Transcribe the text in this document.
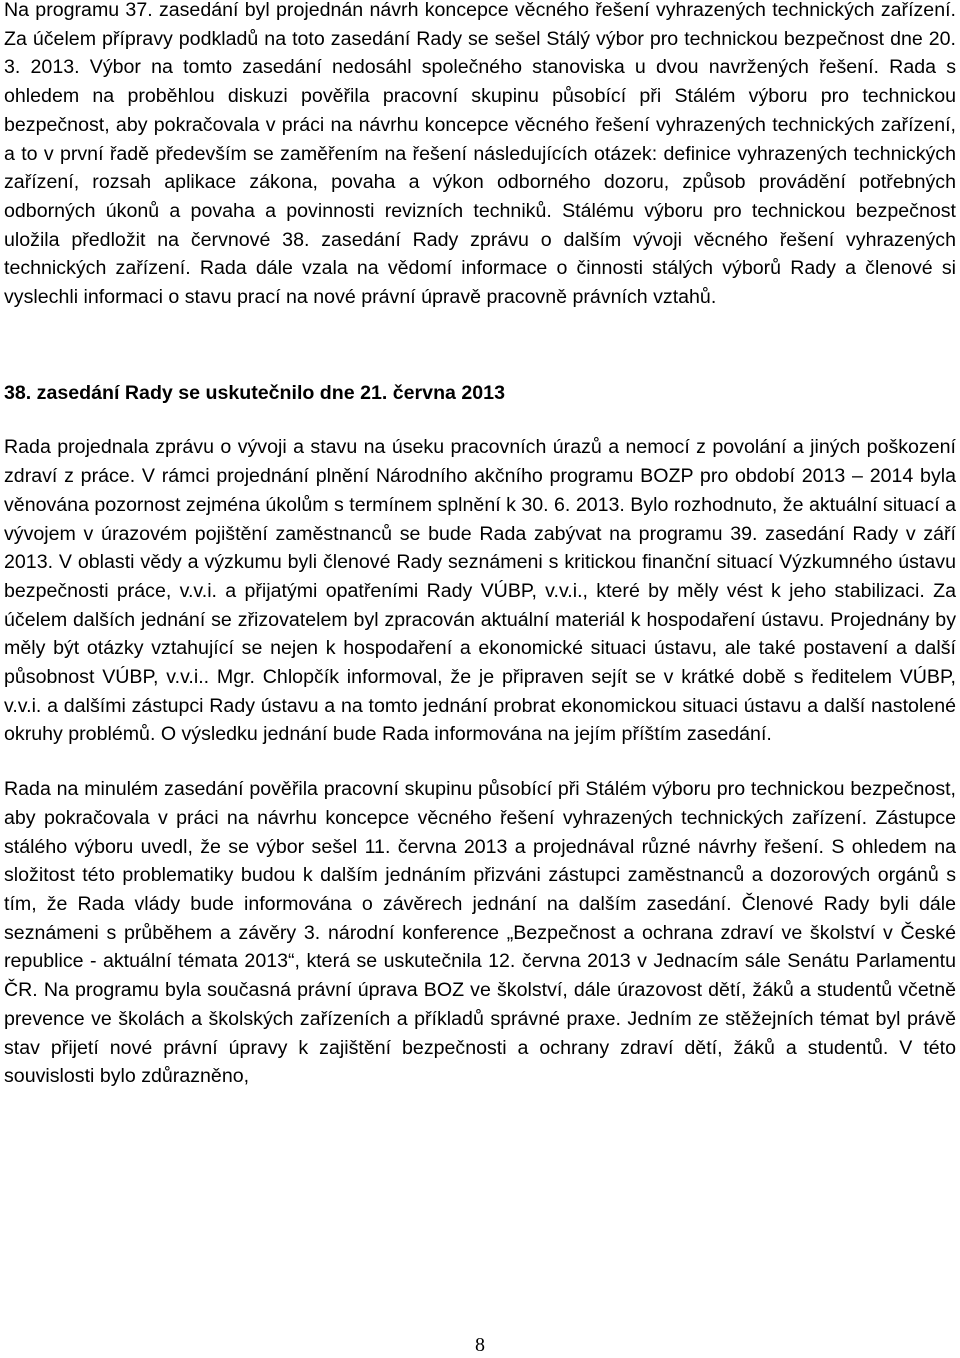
Na programu 37. zasedání byl projednán návrh koncepce věcného řešení vyhrazených technických zařízení. Za účelem přípravy podkladů na toto zasedání Rady se sešel Stálý výbor pro technickou bezpečnost dne 20. 3. 2013. Výbor na tomto zasedání nedosáhl společného stanoviska u dvou navržených řešení. Rada s ohledem na proběhlou diskuzi pověřila pracovní skupinu působící při Stálém výboru pro technickou bezpečnost, aby pokračovala v práci na návrhu koncepce věcného řešení vyhrazených technických zařízení, a to v první řadě především se zaměřením na řešení následujících otázek: definice vyhrazených technických zařízení, rozsah aplikace zákona, povaha a výkon odborného dozoru, způsob provádění potřebných odborných úkonů a povaha a povinnosti revizních techniků. Stálému výboru pro technickou bezpečnost uložila předložit na červnové 38. zasedání Rady zprávu o dalším vývoji věcného řešení vyhrazených technických zařízení. Rada dále vzala na vědomí informace o činnosti stálých výborů Rady a členové si vyslechli informaci o stavu prací na nové právní úpravě pracovně právních vztahů.

38. zasedání Rady se uskutečnilo dne 21. června 2013

Rada projednala zprávu o vývoji a stavu na úseku pracovních úrazů a nemocí z povolání a jiných poškození zdraví z práce. V rámci projednání plnění Národního akčního programu BOZP pro období 2013 – 2014 byla věnována pozornost zejména úkolům s termínem splnění k 30. 6. 2013. Bylo rozhodnuto, že aktuální situací a vývojem v úrazovém pojištění zaměstnanců se bude Rada zabývat na programu 39. zasedání Rady v září 2013. V oblasti vědy a výzkumu byli členové Rady seznámeni s kritickou finanční situací Výzkumného ústavu bezpečnosti práce, v.v.i. a přijatými opatřeními Rady VÚBP, v.v.i., které by měly vést k jeho stabilizaci. Za účelem dalších jednání se zřizovatelem byl zpracován aktuální materiál k hospodaření ústavu. Projednány by měly být otázky vztahující se nejen k hospodaření a ekonomické situaci ústavu, ale také postavení a další působnost VÚBP, v.v.i.. Mgr. Chlopčík informoval, že je připraven sejít se v krátké době s ředitelem VÚBP, v.v.i. a dalšími zástupci Rady ústavu a na tomto jednání probrat ekonomickou situaci ústavu a další nastolené okruhy problémů. O výsledku jednání bude Rada informována na jejím příštím zasedání.

Rada na minulém zasedání pověřila pracovní skupinu působící při Stálém výboru pro technickou bezpečnost, aby pokračovala v práci na návrhu koncepce věcného řešení vyhrazených technických zařízení. Zástupce stálého výboru uvedl, že se výbor sešel 11. června 2013 a projednával různé návrhy řešení. S ohledem na složitost této problematiky budou k dalším jednáním přizváni zástupci zaměstnanců a dozorových orgánů s tím, že Rada vlády bude informována o závěrech jednání na dalším zasedání. Členové Rady byli dále seznámeni s průběhem a závěry 3. národní konference „Bezpečnost a ochrana zdraví ve školství v České republice - aktuální témata 2013“, která se uskutečnila 12. června 2013 v Jednacím sále Senátu Parlamentu ČR. Na programu byla současná právní úprava BOZ ve školství, dále úrazovost dětí, žáků a studentů včetně prevence ve školách a školských zařízeních a příkladů správné praxe. Jedním ze stěžejních témat byl právě stav přijetí nové právní úpravy k zajištění bezpečnosti a ochrany zdraví dětí, žáků a studentů. V této souvislosti bylo zdůrazněno,

8
